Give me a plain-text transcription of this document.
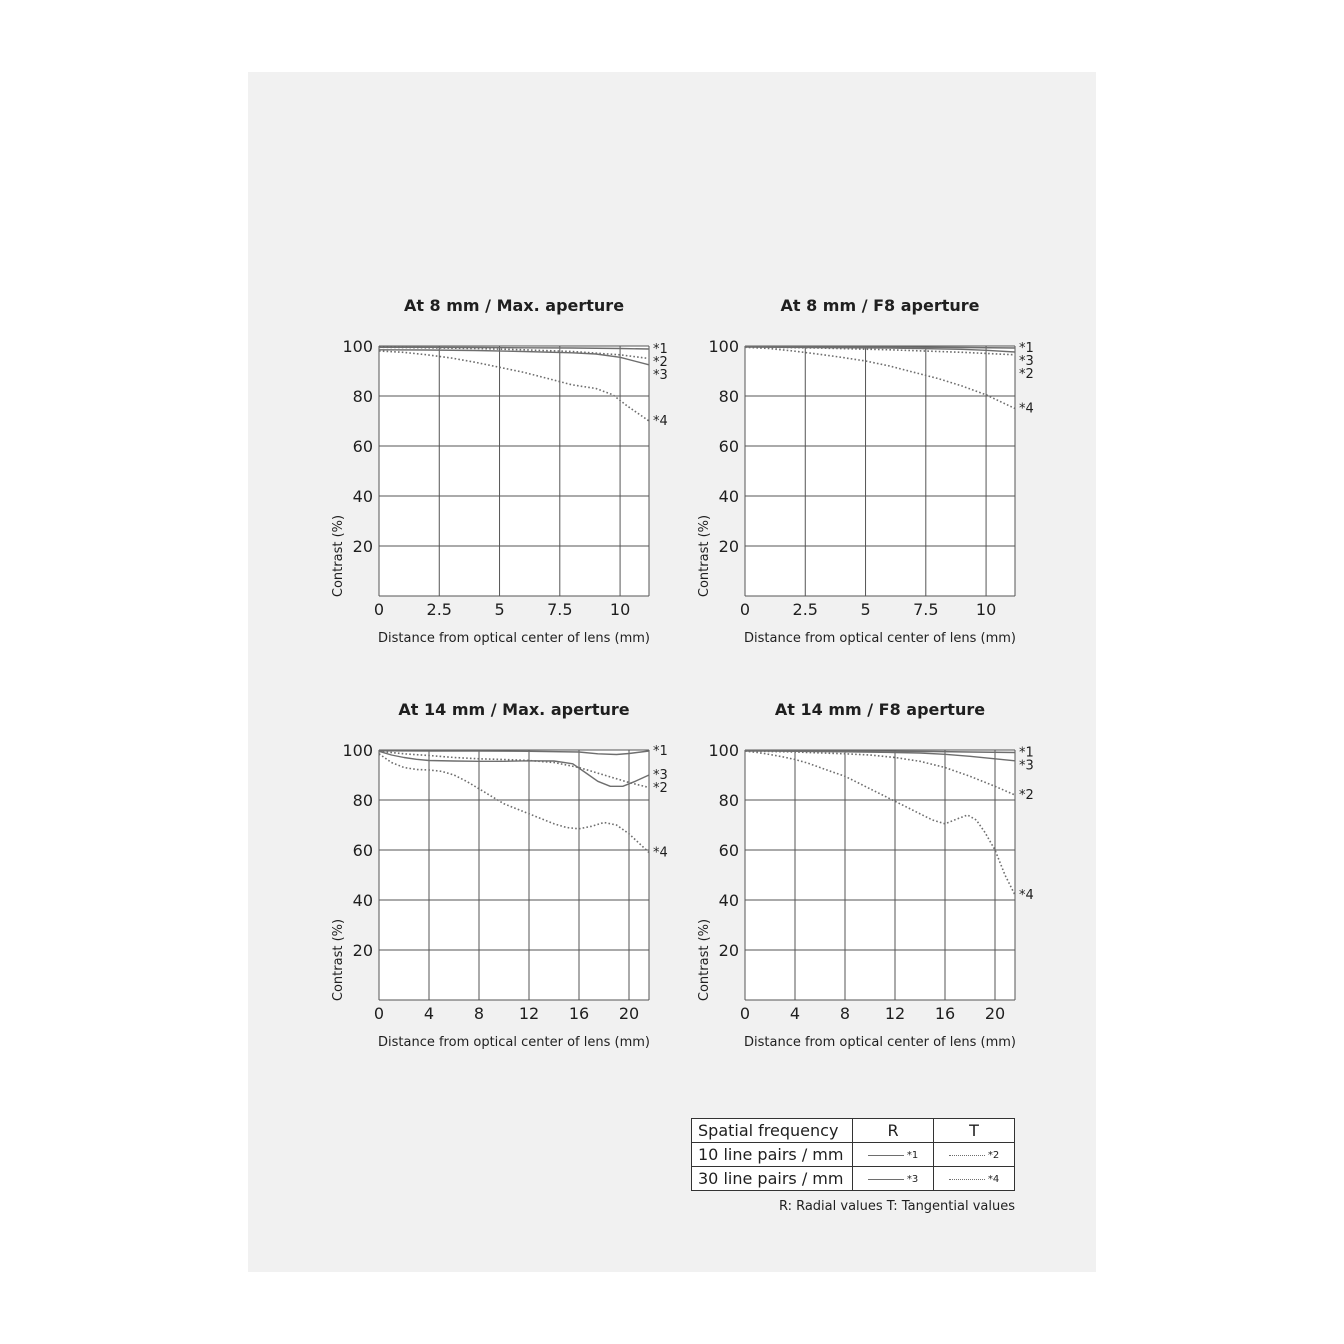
20
40
60
80
100
0	2.5	5	7.5 10
At 8 mm / Max. aperture
Distance from optical center of lens (mm)
Contrast (%)
*1
*2
*3
*4
20
40
60
80
100
0	2.5	5	7.5 10
At 8 mm / F8 aperture
Distance from optical center of lens (mm)
Contrast (%)
*1
*3
*2
*4
20
40
60
80
100
0 4 8 12 16 20
At 14 mm / Max. aperture
Distance from optical center of lens (mm)
Contrast (%)
*1
*3
*2
*4
20
40
60
80
100
0 4 8 12 16 20
At 14 mm / F8 aperture
Distance from optical center of lens (mm)
Contrast (%)
*1
*3
*2
*4
Spatial frequency	R	T
10 line pairs / mm	*1	*2
30 line pairs / mm	*3	*4
R: Radial values T: Tangential values
